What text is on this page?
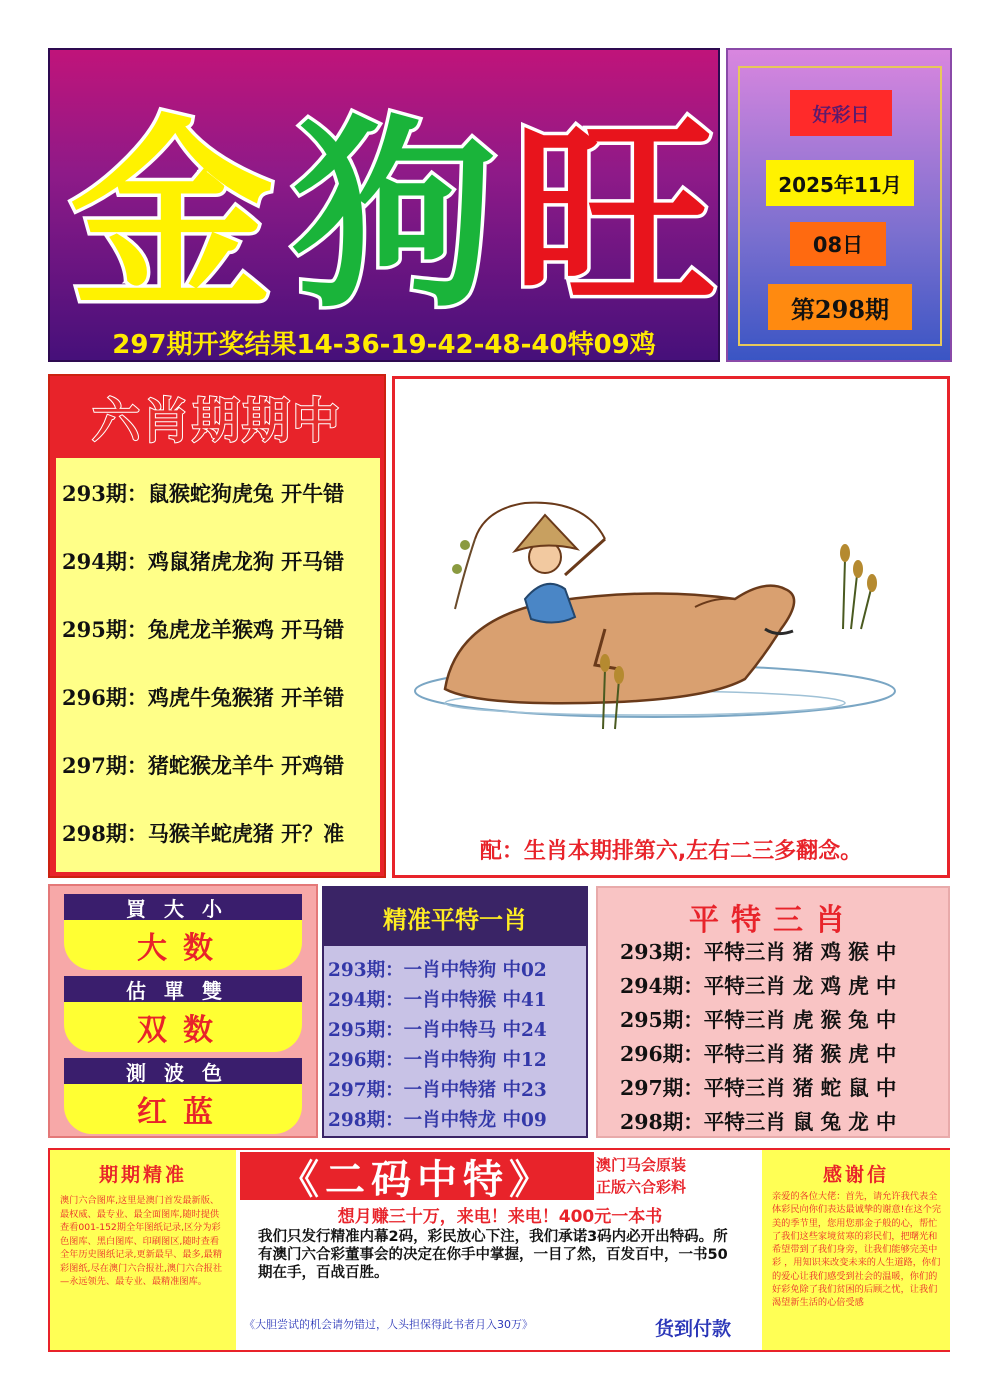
金 狗 旺
297期开奖结果14-36-19-42-48-40特09鸡
好彩日
2025年11月
08日
第298期
六肖期期中
293期：鼠猴蛇狗虎兔 开牛错
294期：鸡鼠猪虎龙狗 开马错
295期：兔虎龙羊猴鸡 开马错
296期：鸡虎牛兔猴猪 开羊错
297期：猪蛇猴龙羊牛 开鸡错
298期：马猴羊蛇虎猪 开？准
配：生肖本期排第六,左右二三多翻念。
買大小
大数
估單雙
双数
測波色
红蓝
精准平特一肖
293期：一肖中特狗 中02
294期：一肖中特猴 中41
295期：一肖中特马 中24
296期：一肖中特狗 中12
297期：一肖中特猪 中23
298期：一肖中特龙 中09
平特三肖
293期：平特三肖 猪 鸡 猴 中
294期：平特三肖 龙 鸡 虎 中
295期：平特三肖 虎 猴 兔 中
296期：平特三肖 猪 猴 虎 中
297期：平特三肖 猪 蛇 鼠 中
298期：平特三肖 鼠 兔 龙 中
期期精准
澳门六合图库,这里是澳门首发最新版、最权威、最专业、最全面图库,随时提供查看001-152期全年图纸记录,区分为彩色图库、黑白图库、印刷图区,随时查看全年历史图纸记录,更新最早、最多,最精彩图纸,尽在澳门六合报社,澳门六合报社—永远领先、最专业、最精准图库。
《二码中特》	澳门马会原装
正版六合彩料
想月赚三十万，来电！来电！400元一本书
我们只发行精准内幕2码，彩民放心下注，我们承诺3码内必开出特码。所有澳门六合彩董事会的决定在你手中掌握，一目了然，百发百中，一书50期在手，百战百胜。
《大胆尝试的机会请勿错过，人头担保得此书者月入30万》	货到付款
感谢信
亲爱的各位大佬：首先，请允许我代表全体彩民向你们表达最诚挚的谢意!在这个完美的季节里，您用您那金子般的心，帮忙了我们这些家境贫寒的彩民们，把曙光和希望带到了我们身旁，让我们能够完美中彩 ，用知识来改变未来的人生道路，你们的爱心让我们感受到社会的温暖，你们的好彩免除了我们贫困的后顾之忧，让我们渴望新生活的心倍受感
